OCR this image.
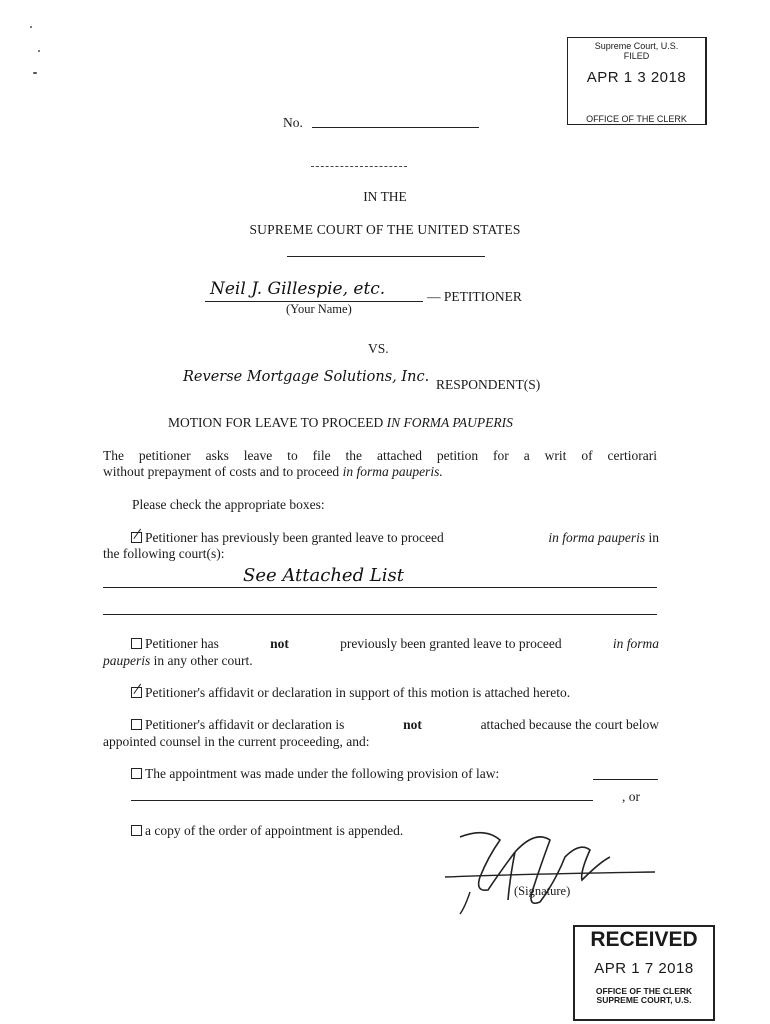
Supreme Court, U.S.
FILED
APR 1 3 2018
OFFICE OF THE CLERK
No.
IN THE
SUPREME COURT OF THE UNITED STATES
Neil J. Gillespie, etc.	— PETITIONER
(Your Name)
VS.
Reverse Mortgage Solutions, Inc. RESPONDENT(S)
MOTION FOR LEAVE TO PROCEED IN FORMA PAUPERIS
The petitioner asks leave to file the attached petition for a writ of certiorari
without prepayment of costs and to proceed in forma pauperis.
Please check the appropriate boxes:
Petitioner has previously been granted leave to proceed	in forma pauperis in
the following court(s):
See Attached List
Petitioner has	not	previously been granted leave to proceed	in forma
pauperis in any other court.
Petitioner's affidavit or declaration in support of this motion is attached hereto.
Petitioner's affidavit or declaration is	not	attached because the court below
appointed counsel in the current proceeding, and:
The appointment was made under the following provision of law:
, or
a copy of the order of appointment is appended.
(Signature)
RECEIVED
APR 1 7 2018
OFFICE OF THE CLERK
SUPREME COURT, U.S.
